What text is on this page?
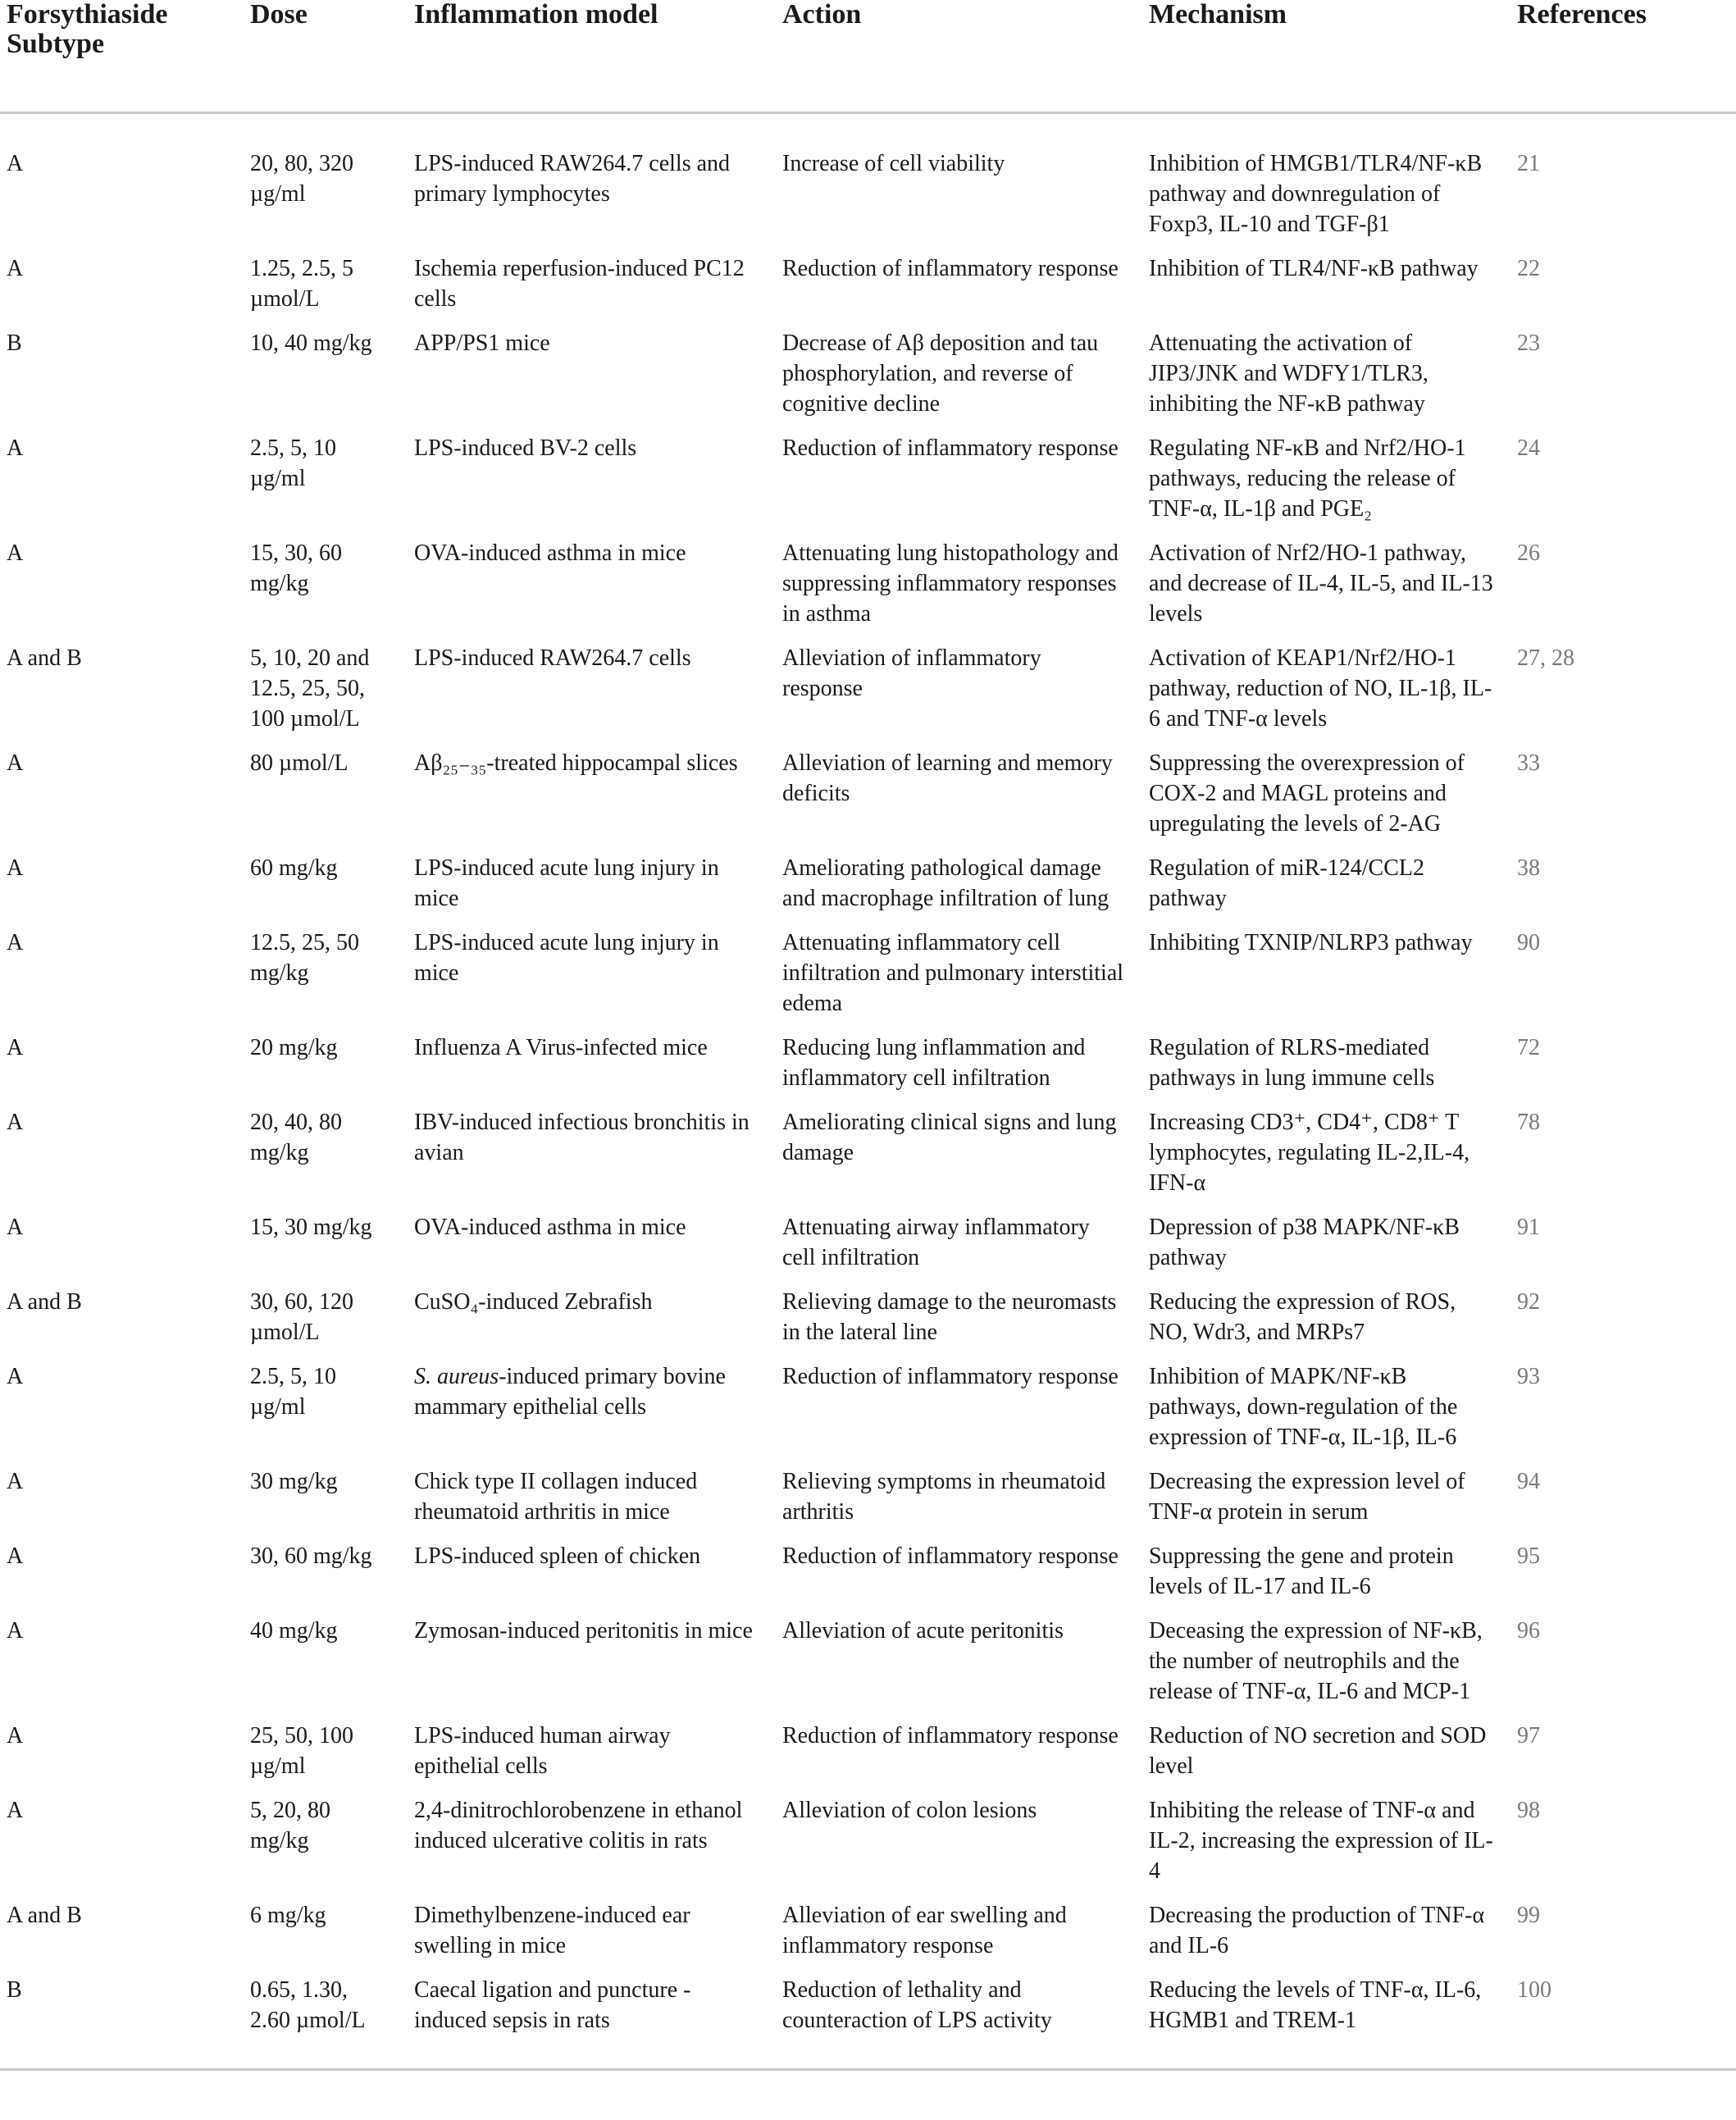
Forsythiaside Subtype	Dose	Inflammation model	Action	Mechanism	References
A	20, 80, 320 µg/ml	LPS-induced RAW264.7 cells and primary lymphocytes	Increase of cell viability	Inhibition of HMGB1/TLR4/NF-κB pathway and downregulation of Foxp3, IL-10 and TGF-β1	21
A	1.25, 2.5, 5 µmol/L	Ischemia reperfusion-induced PC12 cells	Reduction of inflammatory response	Inhibition of TLR4/NF-κB pathway	22
B	10, 40 mg/kg	APP/PS1 mice	Decrease of Aβ deposition and tau phosphorylation, and reverse of cognitive decline	Attenuating the activation of JIP3/JNK and WDFY1/TLR3, inhibiting the NF-κB pathway	23
A	2.5, 5, 10 µg/ml	LPS-induced BV-2 cells	Reduction of inflammatory response	Regulating NF-κB and Nrf2/HO-1 pathways, reducing the release of TNF-α, IL-1β and PGE₂	24
A	15, 30, 60 mg/kg	OVA-induced asthma in mice	Attenuating lung histopathology and suppressing inflammatory responses in asthma	Activation of Nrf2/HO-1 pathway, and decrease of IL-4, IL-5, and IL-13 levels	26
A and B	5, 10, 20 and 12.5, 25, 50, 100 µmol/L	LPS-induced RAW264.7 cells	Alleviation of inflammatory response	Activation of KEAP1/Nrf2/HO-1 pathway, reduction of NO, IL-1β, IL-6 and TNF-α levels	27, 28
A	80 µmol/L	Aβ₂₅₋₃₅-treated hippocampal slices	Alleviation of learning and memory deficits	Suppressing the overexpression of COX-2 and MAGL proteins and upregulating the levels of 2-AG	33
A	60 mg/kg	LPS-induced acute lung injury in mice	Ameliorating pathological damage and macrophage infiltration of lung	Regulation of miR-124/CCL2 pathway	38
A	12.5, 25, 50 mg/kg	LPS-induced acute lung injury in mice	Attenuating inflammatory cell infiltration and pulmonary interstitial edema	Inhibiting TXNIP/NLRP3 pathway	90
A	20 mg/kg	Influenza A Virus-infected mice	Reducing lung inflammation and inflammatory cell infiltration	Regulation of RLRS-mediated pathways in lung immune cells	72
A	20, 40, 80 mg/kg	IBV-induced infectious bronchitis in avian	Ameliorating clinical signs and lung damage	Increasing CD3⁺, CD4⁺, CD8⁺ T lymphocytes, regulating IL-2,IL-4, IFN-α	78
A	15, 30 mg/kg	OVA-induced asthma in mice	Attenuating airway inflammatory cell infiltration	Depression of p38 MAPK/NF-κB pathway	91
A and B	30, 60, 120 µmol/L	CuSO₄-induced Zebrafish	Relieving damage to the neuromasts in the lateral line	Reducing the expression of ROS, NO, Wdr3, and MRPs7	92
A	2.5, 5, 10 µg/ml	S. aureus-induced primary bovine mammary epithelial cells	Reduction of inflammatory response	Inhibition of MAPK/NF-κB pathways, down-regulation of the expression of TNF-α, IL-1β, IL-6	93
A	30 mg/kg	Chick type II collagen induced rheumatoid arthritis in mice	Relieving symptoms in rheumatoid arthritis	Decreasing the expression level of TNF-α protein in serum	94
A	30, 60 mg/kg	LPS-induced spleen of chicken	Reduction of inflammatory response	Suppressing the gene and protein levels of IL-17 and IL-6	95
A	40 mg/kg	Zymosan-induced peritonitis in mice	Alleviation of acute peritonitis	Deceasing the expression of NF-κB, the number of neutrophils and the release of TNF-α, IL-6 and MCP-1	96
A	25, 50, 100 µg/ml	LPS-induced human airway epithelial cells	Reduction of inflammatory response	Reduction of NO secretion and SOD level	97
A	5, 20, 80 mg/kg	2,4-dinitrochlorobenzene in ethanol induced ulcerative colitis in rats	Alleviation of colon lesions	Inhibiting the release of TNF-α and IL-2, increasing the expression of IL-4	98
A and B	6 mg/kg	Dimethylbenzene-induced ear swelling in mice	Alleviation of ear swelling and inflammatory response	Decreasing the production of TNF-α and IL-6	99
B	0.65, 1.30, 2.60 µmol/L	Caecal ligation and puncture -induced sepsis in rats	Reduction of lethality and counteraction of LPS activity	Reducing the levels of TNF-α, IL-6, HGMB1 and TREM-1	100
